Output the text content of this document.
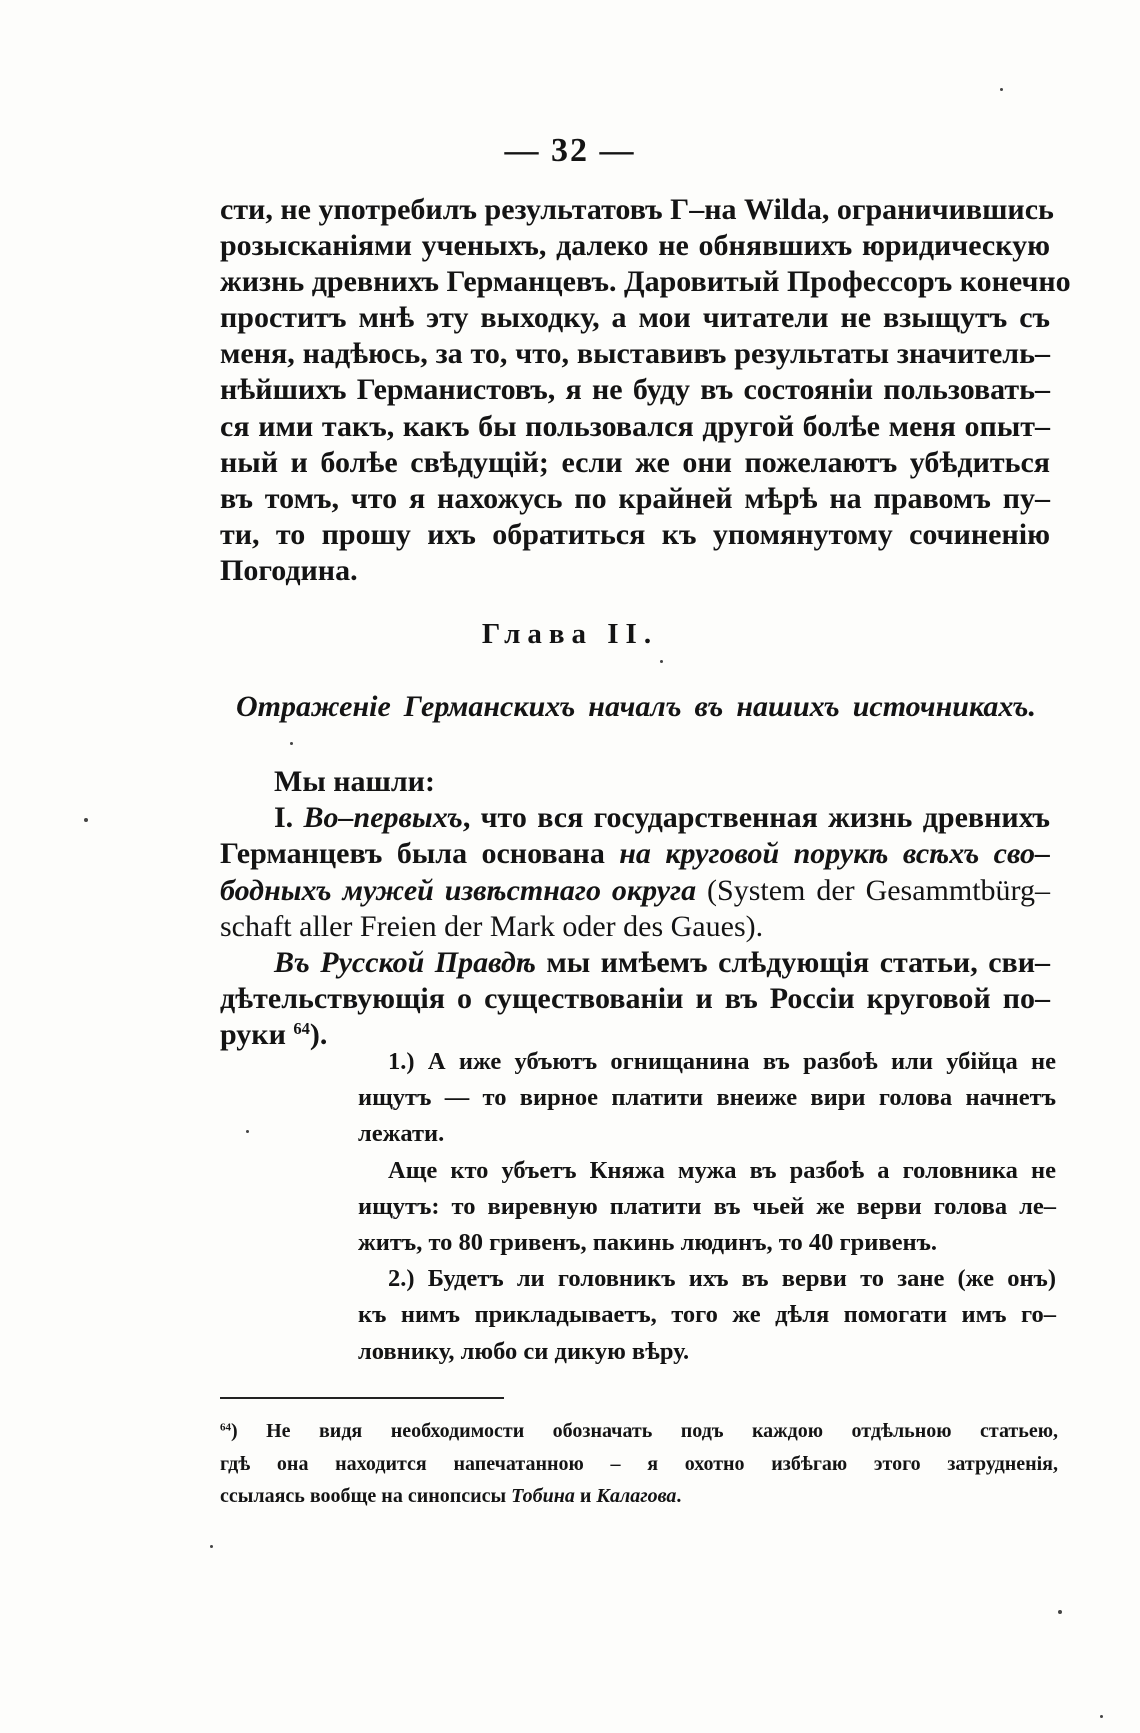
— 32 —
сти, не употребилъ результатовъ Г–на Wilda, ограничившись
розысканіями ученыхъ, далеко не обнявшихъ юридическую
жизнь древнихъ Германцевъ. Даровитый Профессоръ конечно
проститъ мнѣ эту выходку, а мои читатели не взыщутъ съ
меня, надѣюсь, за то, что, выставивъ результаты значитель–
нѣйшихъ Германистовъ, я не буду въ состояніи пользовать–
ся ими такъ, какъ бы пользовался другой болѣе меня опыт–
ный и болѣе свѣдущій; если же они пожелаютъ убѣдиться
въ томъ, что я нахожусь по крайней мѣрѣ на правомъ пу–
ти, то прошу ихъ обратиться къ упомянутому сочиненію
Погодина.
Глава II.
Отраженіе Германскихъ началъ въ нашихъ источникахъ.
Мы нашли:
I. Во–первыхъ, что вся государственная жизнь древнихъ
Германцевъ была основана на круговой порукѣ всѣхъ сво–
бодныхъ мужей извѣстнаго округа (System der Gesammtbürg–
schaft aller Freien der Mark oder des Gaues).
Въ Русской Правдѣ мы имѣемъ слѣдующія статьи, сви–
дѣтельствующія о существованіи и въ Россіи круговой по–
руки $^{64}$).
1.) А иже убъютъ огнищанина въ разбоѣ или убійца не
ищутъ — то вирное платити внеиже вири голова начнетъ
лежати.
Аще кто убъетъ Княжа мужа въ разбоѣ а головника не
ищутъ: то виревную платити въ чьей же верви голова ле–
житъ, то 80 гривенъ, пакинь людинъ, то 40 гривенъ.
2.) Будетъ ли головникъ ихъ въ верви то зане (же онъ)
къ нимъ прикладываетъ, того же дѣля помогати имъ го–
ловнику, любо си дикую вѣру.
$^{64}$) Не видя необходимости обозначать подъ каждою отдѣльною статьею,
гдѣ она находится напечатанною – я охотно избѣгаю этого затрудненія,
ссылаясь вообще на синопсисы Тобина и Калагова.
